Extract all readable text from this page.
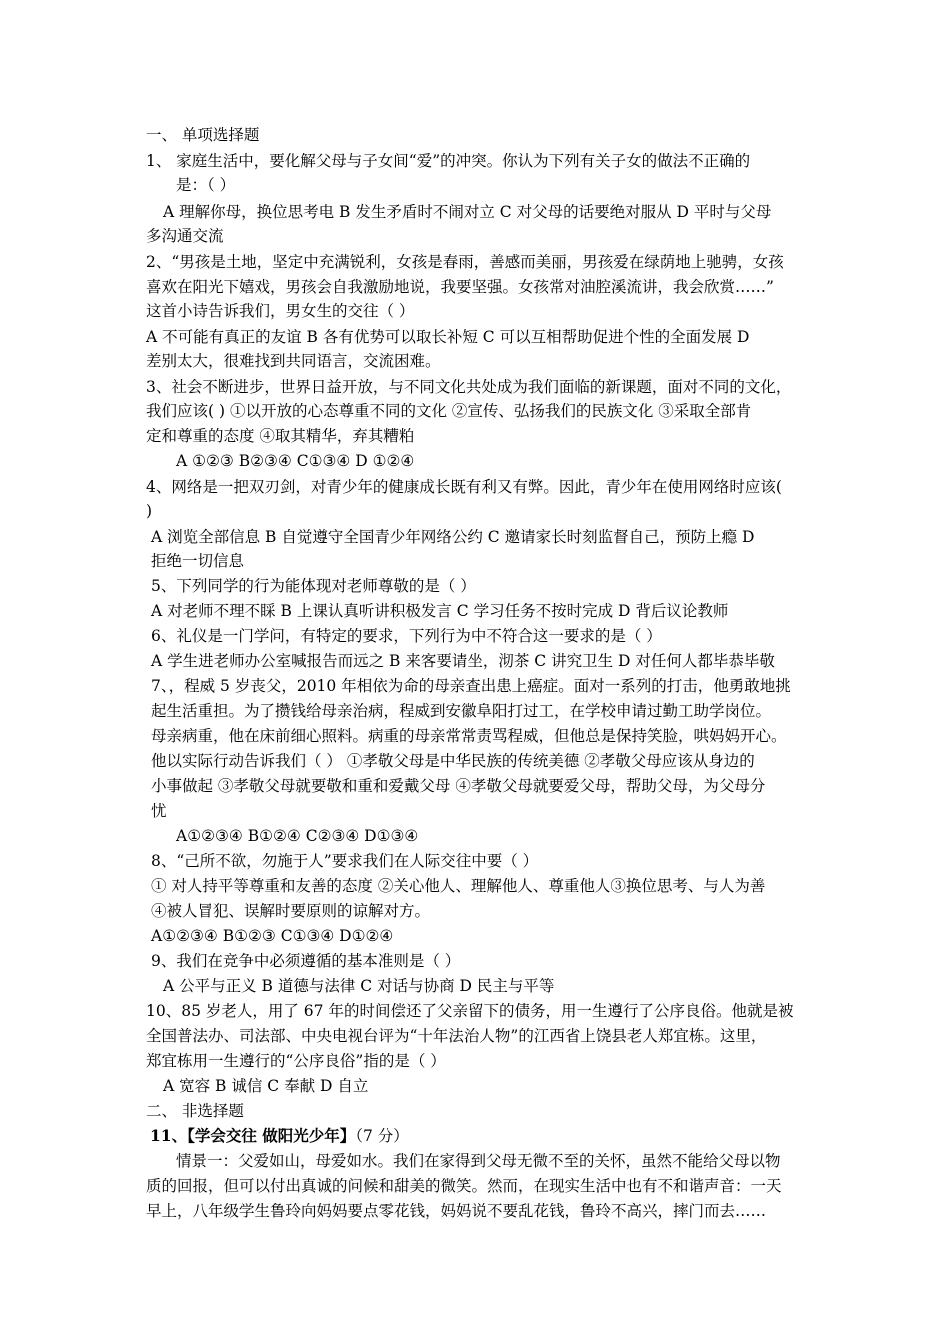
一、 单项选择题
1、 家庭生活中，要化解父母与子女间“爱”的冲突。你认为下列有关子女的做法不正确的
是：（ ）
A 理解你母，换位思考电 B 发生矛盾时不闹对立 C 对父母的话要绝对服从 D 平时与父母
多沟通交流
2、“男孩是土地，坚定中充满锐利，女孩是春雨，善感而美丽，男孩爱在绿荫地上驰骋，女孩
喜欢在阳光下嬉戏，男孩会自我激励地说，我要坚强。女孩常对油腔溪流讲，我会欣赏……”
这首小诗告诉我们，男女生的交往（ ）
A 不可能有真正的友谊 B 各有优势可以取长补短 C 可以互相帮助促进个性的全面发展 D
差别太大，很难找到共同语言，交流困难。
3、社会不断进步，世界日益开放，与不同文化共处成为我们面临的新课题，面对不同的文化，
我们应该( ) ①以开放的心态尊重不同的文化 ②宣传、弘扬我们的民族文化 ③采取全部肯
定和尊重的态度 ④取其精华，弃其糟粕
A ①②③ B②③④ C①③④ D ①②④
4、网络是一把双刃剑，对青少年的健康成长既有利又有弊。因此，青少年在使用网络时应该(
)
A 浏览全部信息 B 自觉遵守全国青少年网络公约 C 邀请家长时刻监督自己，预防上瘾 D
拒绝一切信息
5、下列同学的行为能体现对老师尊敬的是（ ）
A 对老师不理不睬 B 上课认真听讲积极发言 C 学习任务不按时完成 D 背后议论教师
6、礼仪是一门学问，有特定的要求，下列行为中不符合这一要求的是（ ）
A 学生进老师办公室喊报告而远之 B 来客要请坐，沏茶 C 讲究卫生 D 对任何人都毕恭毕敬
7、，程威 5 岁丧父，2010 年相依为命的母亲查出患上癌症。面对一系列的打击，他勇敢地挑
起生活重担。为了攒钱给母亲治病，程威到安徽阜阳打过工，在学校申请过勤工助学岗位。
母亲病重，他在床前细心照料。病重的母亲常常责骂程威，但他总是保持笑脸，哄妈妈开心。
他以实际行动告诉我们（ ） ①孝敬父母是中华民族的传统美德 ②孝敬父母应该从身边的
小事做起 ③孝敬父母就要敬和重和爱戴父母 ④孝敬父母就要爱父母，帮助父母，为父母分
忧
A①②③④ B①②④ C②③④ D①③④
8、“己所不欲，勿施于人”要求我们在人际交往中要（ ）
① 对人持平等尊重和友善的态度 ②关心他人、理解他人、尊重他人③换位思考、与人为善
④被人冒犯、误解时要原则的谅解对方。
A①②③④ B①②③ C①③④ D①②④
9、我们在竞争中必须遵循的基本准则是（ ）
A 公平与正义 B 道德与法律 C 对话与协商 D 民主与平等
10、85 岁老人，用了 67 年的时间偿还了父亲留下的债务，用一生遵行了公序良俗。他就是被
全国普法办、司法部、中央电视台评为“十年法治人物”的江西省上饶县老人郑宜栋。这里，
郑宜栋用一生遵行的“公序良俗”指的是（ ）
A 宽容 B 诚信 C 奉献 D 自立
二、 非选择题
11、【学会交往 做阳光少年】（7 分）
情景一：父爱如山，母爱如水。我们在家得到父母无微不至的关怀，虽然不能给父母以物
质的回报，但可以付出真诚的问候和甜美的微笑。然而，在现实生活中也有不和谐声音：一天
早上，八年级学生鲁玲向妈妈要点零花钱，妈妈说不要乱花钱，鲁玲不高兴，摔门而去……
